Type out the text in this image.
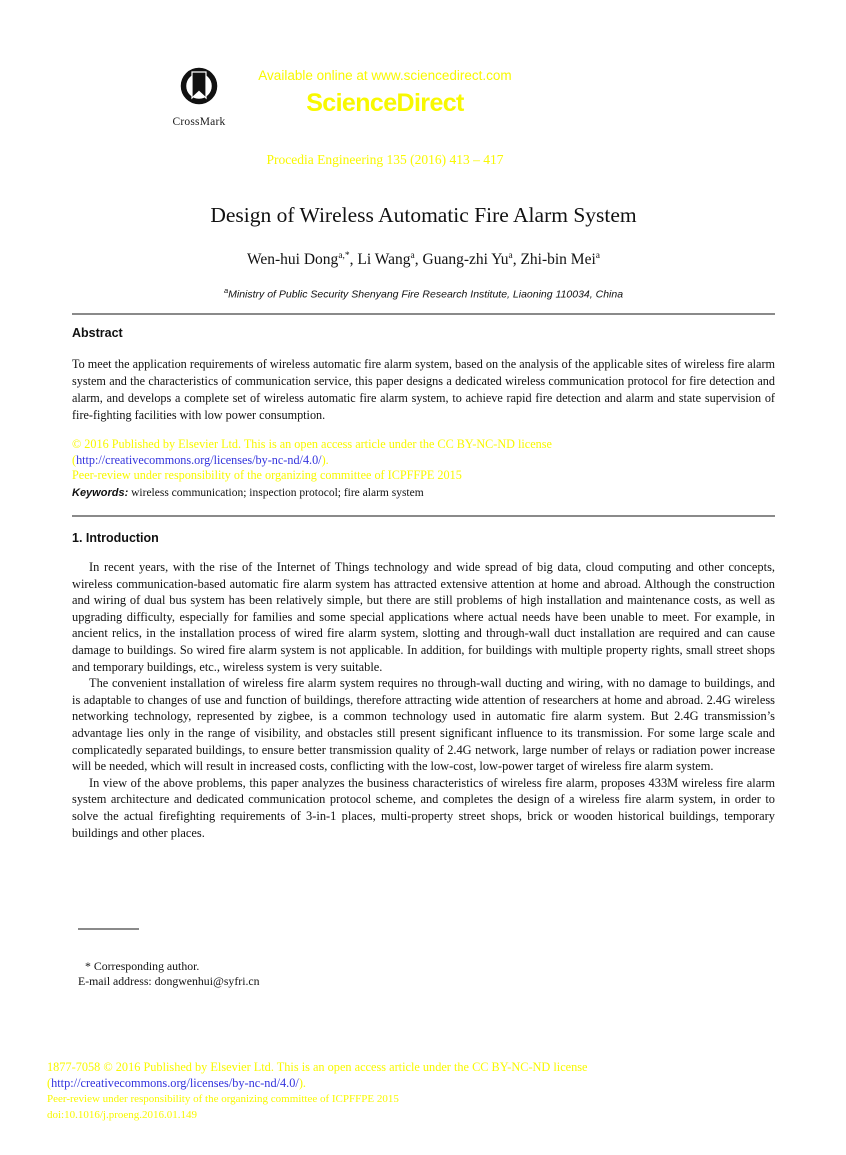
CrossMark

Available online at www.sciencedirect.com

ScienceDirect

Procedia Engineering 135 (2016) 413 – 417
Design of Wireless Automatic Fire Alarm System
Wen-hui Dong$^{a,*}$, Li Wang$^a$, Guang-zhi Yu$^a$, Zhi-bin Mei$^a$
$^a$Ministry of Public Security Shenyang Fire Research Institute, Liaoning 110034, China
Abstract
To meet the application requirements of wireless automatic fire alarm system, based on the analysis of the applicable sites of wireless fire alarm system and the characteristics of communication service, this paper designs a dedicated wireless communication protocol for fire detection and alarm, and develops a complete set of wireless automatic fire alarm system, to achieve rapid fire detection and alarm and state supervision of fire-fighting facilities with low power consumption.
© 2016 Published by Elsevier Ltd. This is an open access article under the CC BY-NC-ND license
(http://creativecommons.org/licenses/by-nc-nd/4.0/).
Peer-review under responsibility of the organizing committee of ICPFFPE 2015
Keywords: wireless communication; inspection protocol; fire alarm system
1. Introduction

In recent years, with the rise of the Internet of Things technology and wide spread of big data, cloud computing and other concepts, wireless communication-based automatic fire alarm system has attracted extensive attention at home and abroad. Although the construction and wiring of dual bus system has been relatively simple, but there are still problems of high installation and maintenance costs, as well as upgrading difficulty, especially for families and some special applications where actual needs have been unable to meet. For example, in ancient relics, in the installation process of wired fire alarm system, slotting and through-wall duct installation are required and can cause damage to buildings. So wired fire alarm system is not applicable. In addition, for buildings with multiple property rights, small street shops and temporary buildings, etc., wireless system is very suitable.

The convenient installation of wireless fire alarm system requires no through-wall ducting and wiring, with no damage to buildings, and is adaptable to changes of use and function of buildings, therefore attracting wide attention of researchers at home and abroad. 2.4G wireless networking technology, represented by zigbee, is a common technology used in automatic fire alarm system. But 2.4G transmission’s advantage lies only in the range of visibility, and obstacles still present significant influence to its transmission. For some large scale and complicatedly separated buildings, to ensure better transmission quality of 2.4G network, large number of relays or radiation power increase will be needed, which will result in increased costs, conflicting with the low-cost, low-power target of wireless fire alarm system.

In view of the above problems, this paper analyzes the business characteristics of wireless fire alarm, proposes 433M wireless fire alarm system architecture and dedicated communication protocol scheme, and completes the design of a wireless fire alarm system, in order to solve the actual firefighting requirements of 3-in-1 places, multi-property street shops, brick or wooden historical buildings, temporary buildings and other places.

* Corresponding author.
E-mail address: dongwenhui@syfri.cn
1877-7058 © 2016 Published by Elsevier Ltd. This is an open access article under the CC BY-NC-ND license
(http://creativecommons.org/licenses/by-nc-nd/4.0/).
Peer-review under responsibility of the organizing committee of ICPFFPE 2015
doi:10.1016/j.proeng.2016.01.149
